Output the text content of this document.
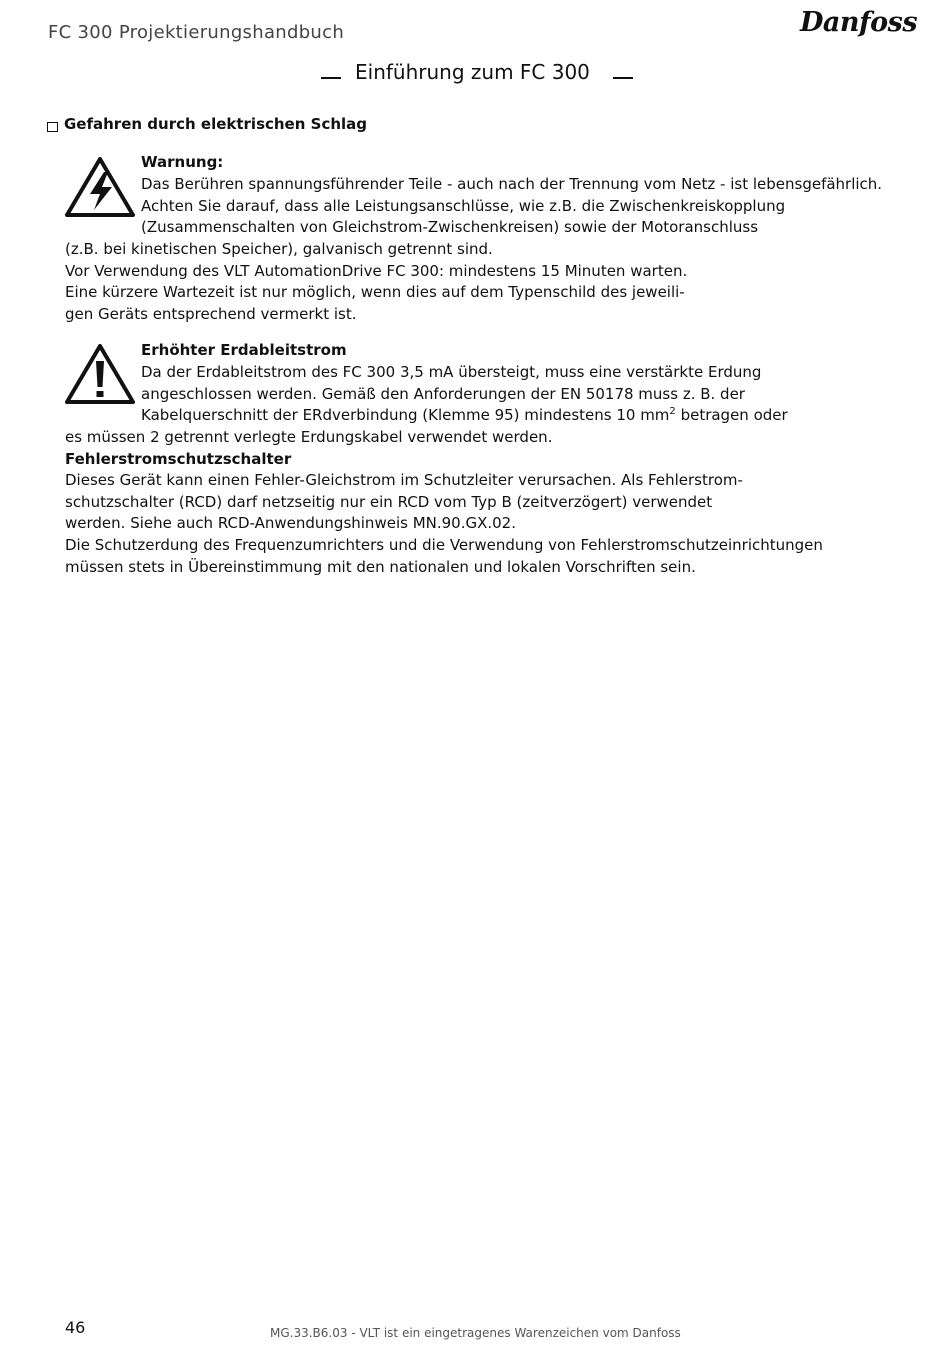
FC 300 Projektierungshandbuch	Danfoss
Einführung zum FC 300
Gefahren durch elektrischen Schlag
Warnung:
Das Berühren spannungsführender Teile - auch nach der Trennung vom Netz - ist lebensgefährlich.
Achten Sie darauf, dass alle Leistungsanschlüsse, wie z.B. die Zwischenkreiskopplung
(Zusammenschalten von Gleichstrom-Zwischenkreisen) sowie der Motoranschluss
(z.B. bei kinetischen Speicher), galvanisch getrennt sind.
Vor Verwendung des VLT AutomationDrive FC 300: mindestens 15 Minuten warten.
Eine kürzere Wartezeit ist nur möglich, wenn dies auf dem Typenschild des jeweili-
gen Geräts entsprechend vermerkt ist.
Erhöhter Erdableitstrom
Da der Erdableitstrom des FC 300 3,5 mA übersteigt, muss eine verstärkte Erdung
angeschlossen werden. Gemäß den Anforderungen der EN 50178 muss z. B. der
Kabelquerschnitt der ERdverbindung (Klemme 95) mindestens 10 $mm^2$ betragen oder
es müssen 2 getrennt verlegte Erdungskabel verwendet werden.
Fehlerstromschutzschalter
Dieses Gerät kann einen Fehler-Gleichstrom im Schutzleiter verursachen. Als Fehlerstrom-
schutzschalter (RCD) darf netzseitig nur ein RCD vom Typ B (zeitverzögert) verwendet
werden. Siehe auch RCD-Anwendungshinweis MN.90.GX.02.
Die Schutzerdung des Frequenzumrichters und die Verwendung von Fehlerstromschutzeinrichtungen
müssen stets in Übereinstimmung mit den nationalen und lokalen Vorschriften sein.
46	MG.33.B6.03 - VLT ist ein eingetragenes Warenzeichen vom Danfoss
